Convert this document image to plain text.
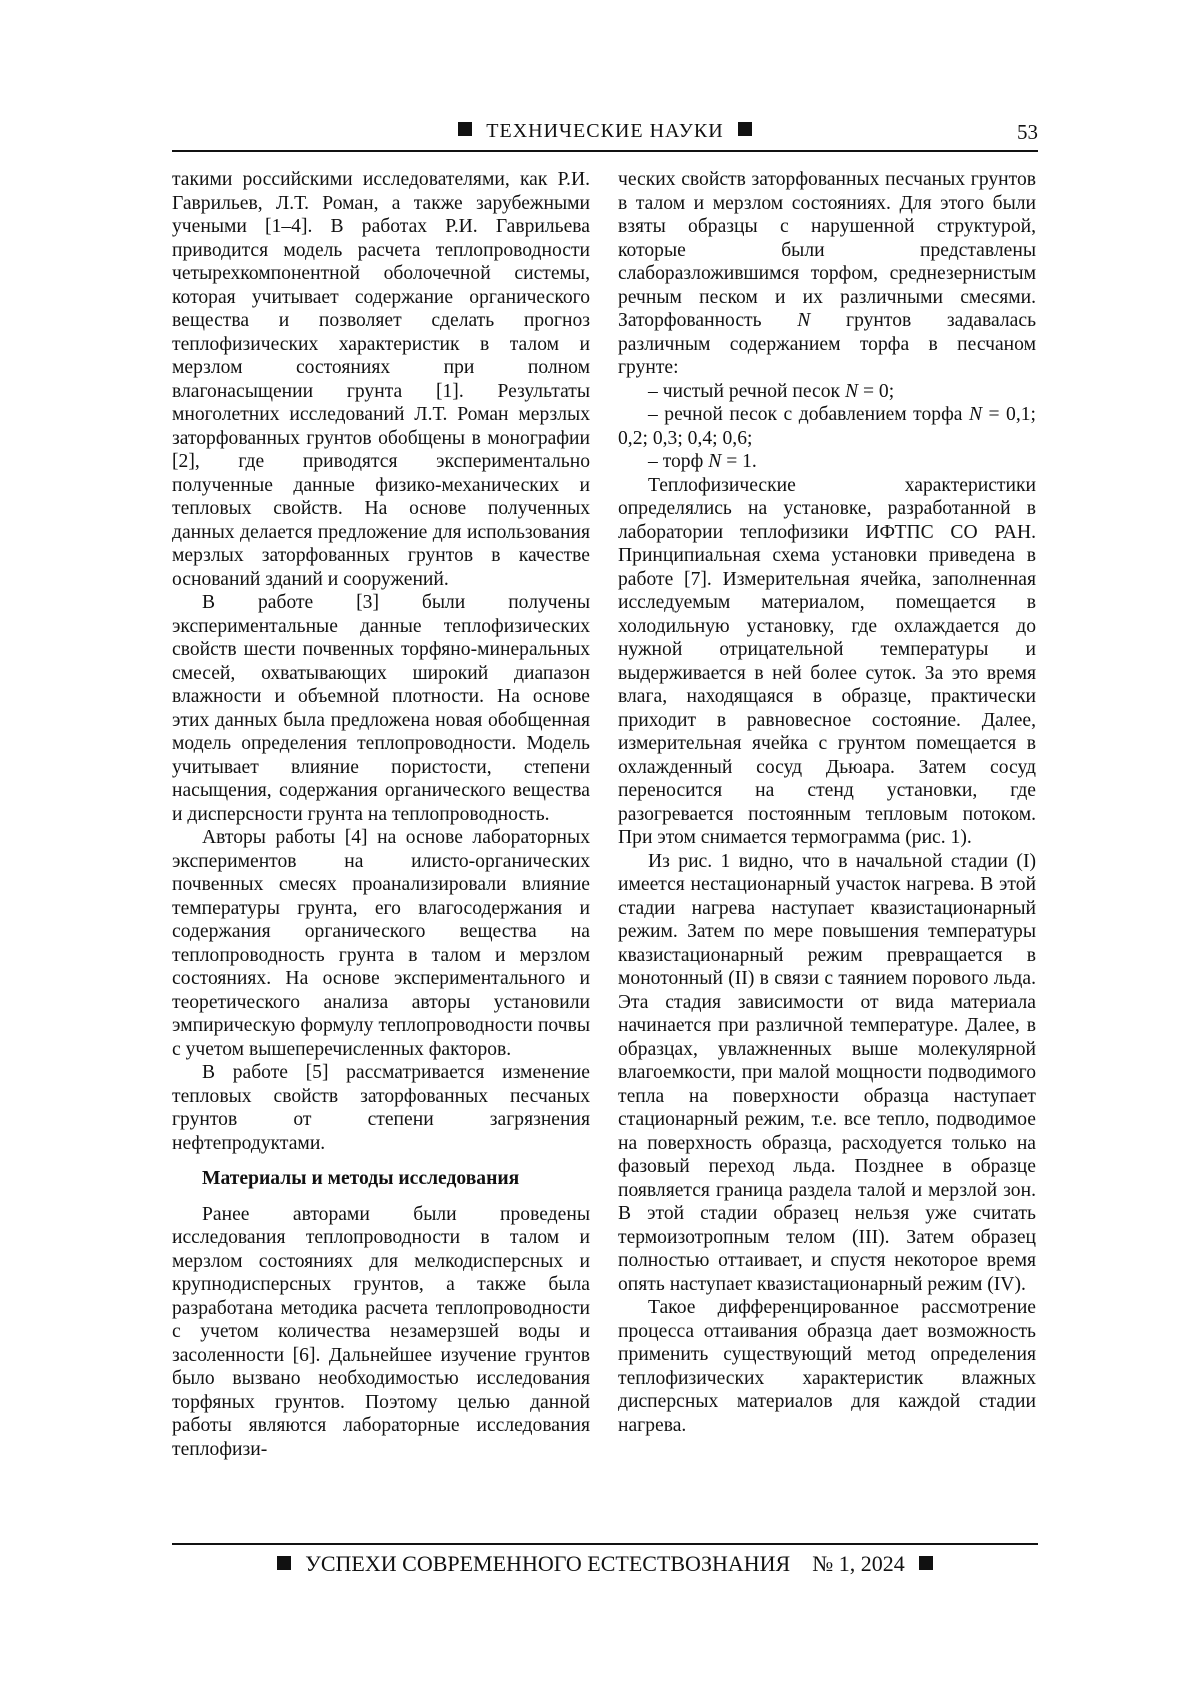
ТЕХНИЧЕСКИЕ НАУКИ	53

такими российскими исследователями, как Р.И. Гаврильев, Л.Т. Роман, а также зарубежными учеными [1–4]. В работах Р.И. Гаврильева приводится модель расчета теплопроводности четырехкомпонентной оболочечной системы, которая учитывает содержание органического вещества и позволяет сделать прогноз теплофизических характеристик в талом и мерзлом состояниях при полном влагонасыщении грунта [1]. Результаты многолетних исследований Л.Т. Роман мерзлых заторфованных грунтов обобщены в монографии [2], где приводятся экспериментально полученные данные физико-механических и тепловых свойств. На основе полученных данных делается предложение для использования мерзлых заторфованных грунтов в качестве оснований зданий и сооружений.

В работе [3] были получены экспериментальные данные теплофизических свойств шести почвенных торфяно-минеральных смесей, охватывающих широкий диапазон влажности и объемной плотности. На основе этих данных была предложена новая обобщенная модель определения теплопроводности. Модель учитывает влияние пористости, степени насыщения, содержания органического вещества и дисперсности грунта на теплопроводность.

Авторы работы [4] на основе лабораторных экспериментов на илисто-органических почвенных смесях проанализировали влияние температуры грунта, его влагосодержания и содержания органического вещества на теплопроводность грунта в талом и мерзлом состояниях. На основе экспериментального и теоретического анализа авторы установили эмпирическую формулу теплопроводности почвы с учетом вышеперечисленных факторов.

В работе [5] рассматривается изменение тепловых свойств заторфованных песчаных грунтов от степени загрязнения нефтепродуктами.

Материалы и методы исследования

Ранее авторами были проведены исследования теплопроводности в талом и мерзлом состояниях для мелкодисперсных и крупнодисперсных грунтов, а также была разработана методика расчета теплопроводности с учетом количества незамерзшей воды и засоленности [6]. Дальнейшее изучение грунтов было вызвано необходимостью исследования торфяных грунтов. Поэтому целью данной работы являются лабораторные исследования теплофизи-

ческих свойств заторфованных песчаных грунтов в талом и мерзлом состояниях. Для этого были взяты образцы с нарушенной структурой, которые были представлены слаборазложившимся торфом, среднезернистым речным песком и их различными смесями. Заторфованность N грунтов задавалась различным содержанием торфа в песчаном грунте:

– чистый речной песок N = 0;

– речной песок с добавлением торфа N = 0,1; 0,2; 0,3; 0,4; 0,6;

– торф N = 1.

Теплофизические характеристики определялись на установке, разработанной в лаборатории теплофизики ИФТПС СО РАН. Принципиальная схема установки приведена в работе [7]. Измерительная ячейка, заполненная исследуемым материалом, помещается в холодильную установку, где охлаждается до нужной отрицательной температуры и выдерживается в ней более суток. За это время влага, находящаяся в образце, практически приходит в равновесное состояние. Далее, измерительная ячейка с грунтом помещается в охлажденный сосуд Дьюара. Затем сосуд переносится на стенд установки, где разогревается постоянным тепловым потоком. При этом снимается термограмма (рис. 1).

Из рис. 1 видно, что в начальной стадии (I) имеется нестационарный участок нагрева. В этой стадии нагрева наступает квазистационарный режим. Затем по мере повышения температуры квазистационарный режим превращается в монотонный (II) в связи с таянием порового льда. Эта стадия зависимости от вида материала начинается при различной температуре. Далее, в образцах, увлажненных выше молекулярной влагоемкости, при малой мощности подводимого тепла на поверхности образца наступает стационарный режим, т.е. все тепло, подводимое на поверхность образца, расходуется только на фазовый переход льда. Позднее в образце появляется граница раздела талой и мерзлой зон. В этой стадии образец нельзя уже считать термоизотропным телом (III). Затем образец полностью оттаивает, и спустя некоторое время опять наступает квазистационарный режим (IV).

Такое дифференцированное рассмотрение процесса оттаивания образца дает возможность применить существующий метод определения теплофизических характеристик влажных дисперсных материалов для каждой стадии нагрева.

УСПЕХИ СОВРЕМЕННОГО ЕСТЕСТВОЗНАНИЯ № 1, 2024
